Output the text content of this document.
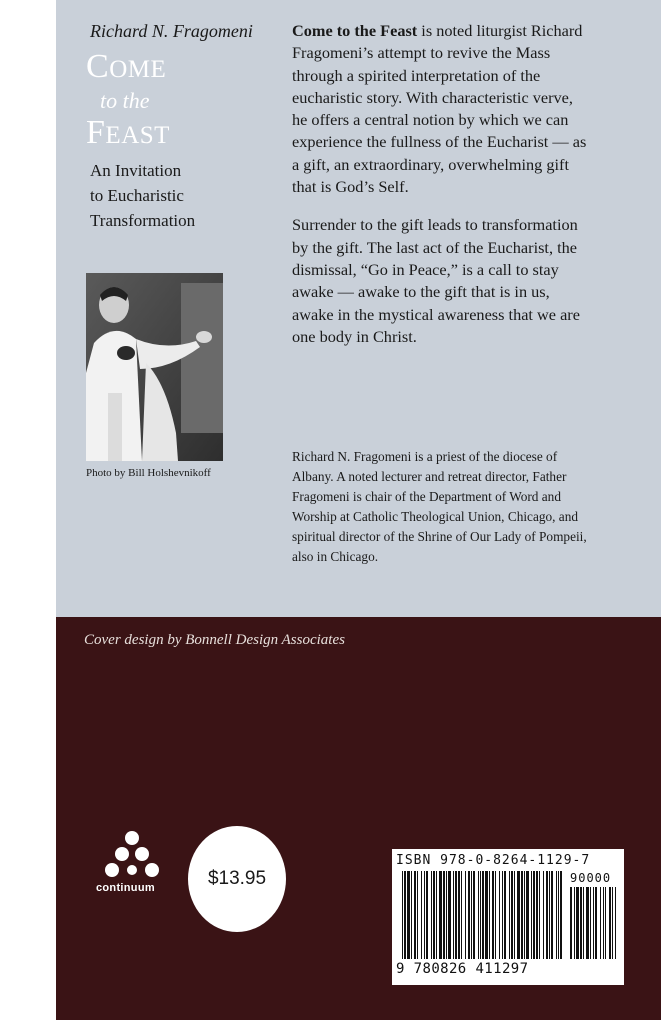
Richard N. Fragomeni
COME
to the
FEAST
An Invitation
to Eucharistic
Transformation
Photo by Bill Holshevnikoff

Come to the Feast is noted liturgist Richard Fragomeni’s attempt to revive the Mass through a spirited interpretation of the eucharistic story. With characteristic verve, he offers a central notion by which we can experience the fullness of the Eucharist — as a gift, an extraordinary, overwhelming gift that is God’s Self.

Surrender to the gift leads to transformation by the gift. The last act of the Eucharist, the dismissal, “Go in Peace,” is a call to stay awake — awake to the gift that is in us, awake in the mystical awareness that we are one body in Christ.

Richard N. Fragomeni is a priest of the diocese of Albany. A noted lecturer and retreat director, Father Fragomeni is chair of the Department of Word and Worship at Catholic Theological Union, Chicago, and spiritual director of the Shrine of Our Lady of Pompeii, also in Chicago.
Cover design by Bonnell Design Associates
continuum	$13.95
ISBN 978-0-8264-1129-7
90000
9 780826 411297
